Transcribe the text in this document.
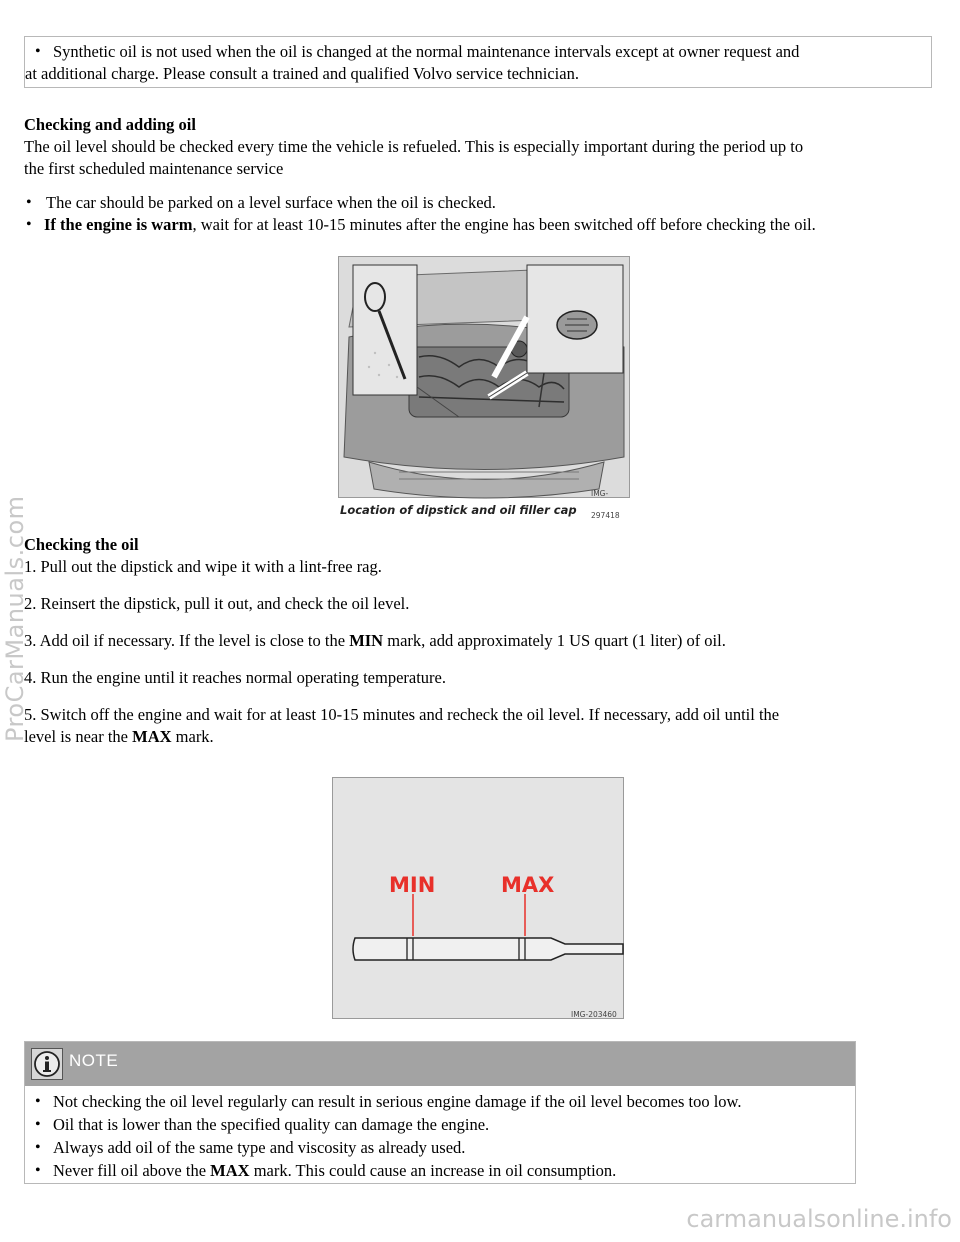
• Synthetic oil is not used when the oil is changed at the normal maintenance intervals except at owner request and
at additional charge. Please consult a trained and qualified Volvo service technician.
Checking and adding oil
The oil level should be checked every time the vehicle is refueled. This is especially important during the period up to
the first scheduled maintenance service
• The car should be parked on a level surface when the oil is checked.
• If the engine is warm, wait for at least 10-15 minutes after the engine has been switched off before checking the oil.
IMG-297418
Location of dipstick and oil filler cap
Checking the oil
1. Pull out the dipstick and wipe it with a lint-free rag.
2. Reinsert the dipstick, pull it out, and check the oil level.
3. Add oil if necessary. If the level is close to the MIN mark, add approximately 1 US quart (1 liter) of oil.
4. Run the engine until it reaches normal operating temperature.
5. Switch off the engine and wait for at least 10-15 minutes and recheck the oil level. If necessary, add oil until the
level is near the MAX mark.
MIN	MAX
IMG-203460
NOTE
• Not checking the oil level regularly can result in serious engine damage if the oil level becomes too low.
• Oil that is lower than the specified quality can damage the engine.
• Always add oil of the same type and viscosity as already used.
• Never fill oil above the MAX mark. This could cause an increase in oil consumption.
ProCarManuals.com
carmanualsonline.info
